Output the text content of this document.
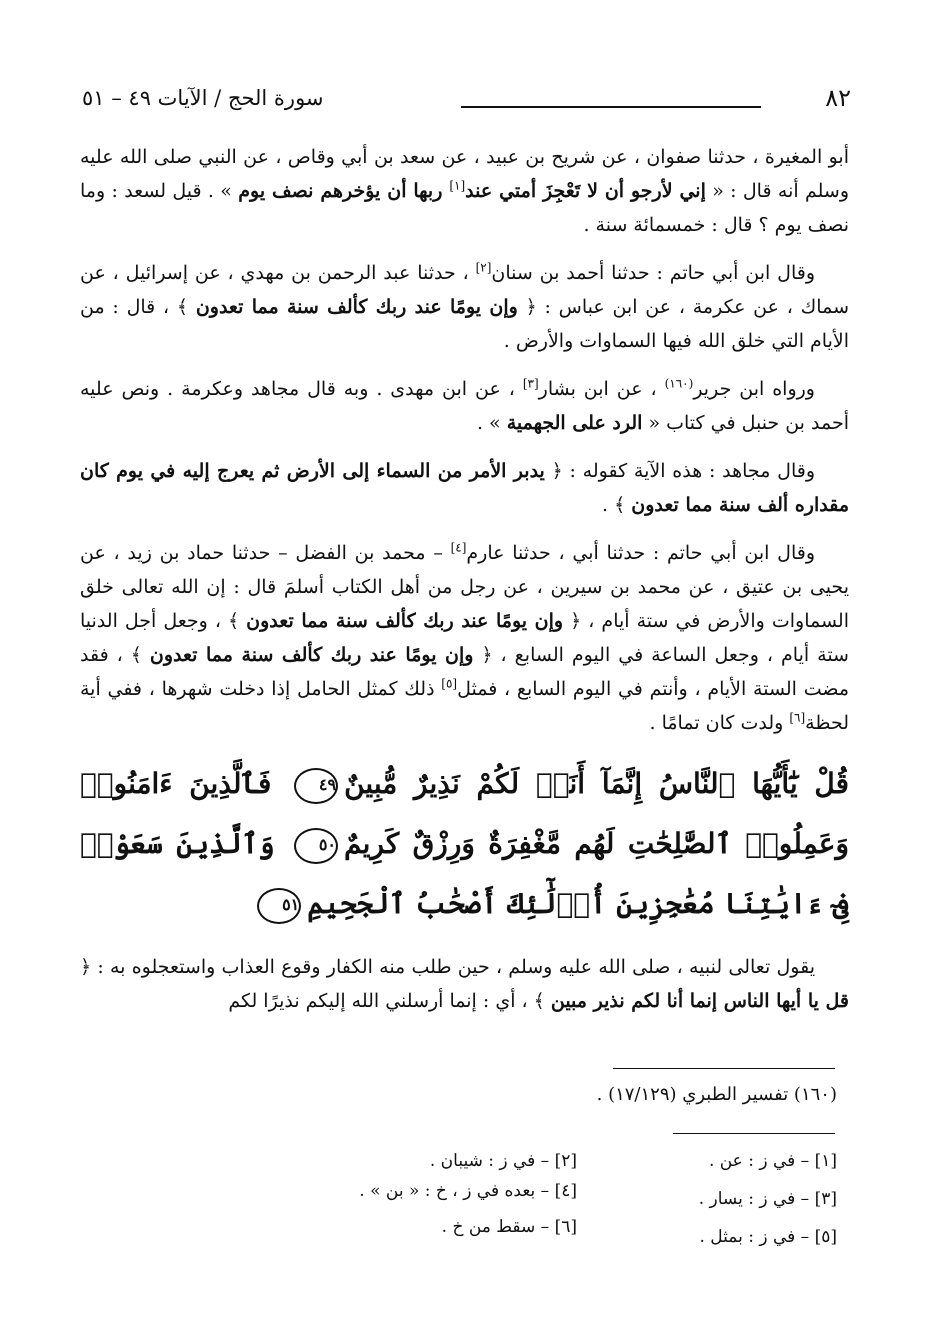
٨٢
سورة الحج / الآيات ٤٩ – ٥١

أبو المغيرة ، حدثنا صفوان ، عن شريح بن عبيد ، عن سعد بن أبي وقاص ، عن النبي صلى الله عليه وسلم أنه قال : « إني لأرجو أن لا تَعْجِزَ أمتي عند[١] ربها أن يؤخرهم نصف يوم » . قيل لسعد : وما نصف يوم ؟ قال : خمسمائة سنة .

وقال ابن أبي حاتم : حدثنا أحمد بن سنان[٢] ، حدثنا عبد الرحمن بن مهدي ، عن إسرائيل ، عن سماك ، عن عكرمة ، عن ابن عباس : ﴿ وإن يومًا عند ربك كألف سنة مما تعدون ﴾ ، قال : من الأيام التي خلق الله فيها السماوات والأرض .

ورواه ابن جرير$^{(١٦٠)}$ ، عن ابن بشار[٣] ، عن ابن مهدى . وبه قال مجاهد وعكرمة . ونص عليه أحمد بن حنبل في كتاب « الرد على الجهمية » .

وقال مجاهد : هذه الآية كقوله : ﴿ يدبر الأمر من السماء إلى الأرض ثم يعرج إليه في يوم كان مقداره ألف سنة مما تعدون ﴾ .

وقال ابن أبي حاتم : حدثنا أبي ، حدثنا عارم[٤] – محمد بن الفضل – حدثنا حماد بن زيد ، عن يحيى بن عتيق ، عن محمد بن سيرين ، عن رجل من أهل الكتاب أسلمَ قال : إن الله تعالى خلق السماوات والأرض في ستة أيام ، ﴿ وإن يومًا عند ربك كألف سنة مما تعدون ﴾ ، وجعل أجل الدنيا ستة أيام ، وجعل الساعة في اليوم السابع ، ﴿ وإن يومًا عند ربك كألف سنة مما تعدون ﴾ ، فقد مضت الستة الأيام ، وأنتم في اليوم السابع ، فمثل[٥] ذلك كمثل الحامل إذا دخلت شهرها ، ففي أية لحظة[٦] ولدت كان تمامًا .

قُلْ يَٰٓأَيُّهَا ٱلنَّاسُ إِنَّمَآ أَنَا۠ لَكُمْ نَذِيرٌ مُّبِينٌ٤٩ فَٱلَّذِينَ ءَامَنُوا۟ وَعَمِلُوا۟ ٱلصَّٰلِحَٰتِ لَهُم مَّغْفِرَةٌ وَرِزْقٌ كَرِيمٌ٥٠ وَٱلَّذِينَ سَعَوْا۟ فِىٓ ءَايَٰتِنَا مُعَٰجِزِينَ أُو۟لَٰٓئِكَ أَصْحَٰبُ ٱلْجَحِيمِ٥١

يقول تعالى لنبيه ، صلى الله عليه وسلم ، حين طلب منه الكفار وقوع العذاب واستعجلوه به : ﴿ قل يا أيها الناس إنما أنا لكم نذير مبين ﴾ ، أي : إنما أرسلني الله إليكم نذيرًا لكم

(١٦٠) تفسير الطبري (١٧/١٢٩) .
[١] – في ز : عن .
[٢] – في ز : شيبان .
[٣] – في ز : يسار .
[٤] – بعده في ز ، خ : « بن » .
[٥] – في ز : بمثل .
[٦] – سقط من خ .
